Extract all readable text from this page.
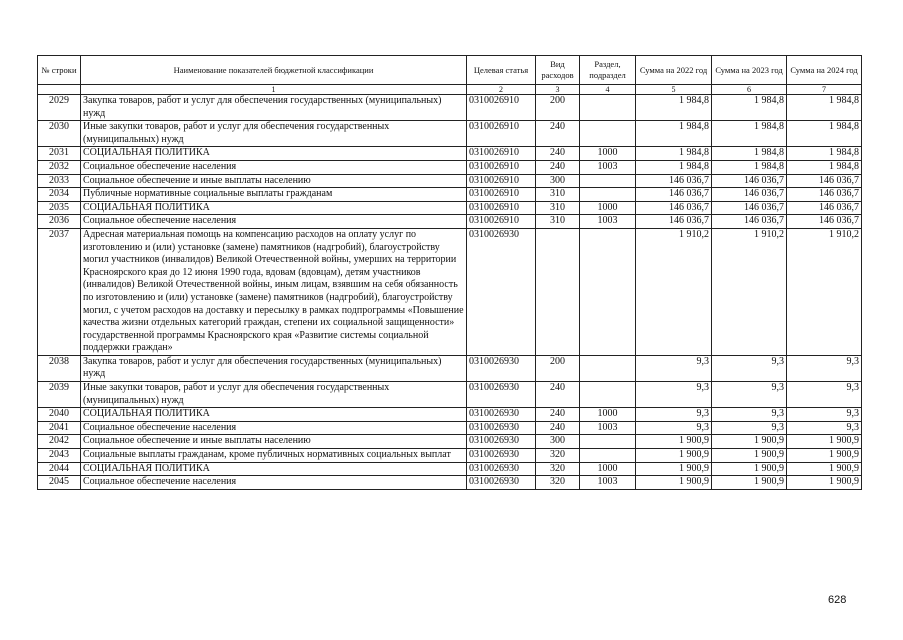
№ строки	Наименование показателей бюджетной классификации	Целевая статья	Вид расходов	Раздел, подраздел	Сумма на 2022 год	Сумма на 2023 год	Сумма на 2024 год
	1	2	3	4	5	6	7
2029	Закупка товаров, работ и услуг для обеспечения государственных (муниципальных) нужд	0310026910	200		1 984,8	1 984,8	1 984,8
2030	Иные закупки товаров, работ и услуг для обеспечения государственных (муниципальных) нужд	0310026910	240		1 984,8	1 984,8	1 984,8
2031	СОЦИАЛЬНАЯ ПОЛИТИКА	0310026910	240	1000	1 984,8	1 984,8	1 984,8
2032	Социальное обеспечение населения	0310026910	240	1003	1 984,8	1 984,8	1 984,8
2033	Социальное обеспечение и иные выплаты населению	0310026910	300		146 036,7	146 036,7	146 036,7
2034	Публичные нормативные социальные выплаты гражданам	0310026910	310		146 036,7	146 036,7	146 036,7
2035	СОЦИАЛЬНАЯ ПОЛИТИКА	0310026910	310	1000	146 036,7	146 036,7	146 036,7
2036	Социальное обеспечение населения	0310026910	310	1003	146 036,7	146 036,7	146 036,7
2037	Адресная материальная помощь на компенсацию расходов на оплату услуг по изготовлению и (или) установке (замене) памятников (надгробий), благоустройству могил участников (инвалидов) Великой Отечественной войны, умерших на территории Красноярского края до 12 июня 1990 года, вдовам (вдовцам), детям участников (инвалидов) Великой Отечественной войны, иным лицам, взявшим на себя обязанность по изготовлению и (или) установке (замене) памятников (надгробий), благоустройству могил, с учетом расходов на доставку и пересылку в рамках подпрограммы «Повышение качества жизни отдельных категорий граждан, степени их социальной защищенности» государственной программы Красноярского края «Развитие системы социальной поддержки граждан»	0310026930			1 910,2	1 910,2	1 910,2
2038	Закупка товаров, работ и услуг для обеспечения государственных (муниципальных) нужд	0310026930	200		9,3	9,3	9,3
2039	Иные закупки товаров, работ и услуг для обеспечения государственных (муниципальных) нужд	0310026930	240		9,3	9,3	9,3
2040	СОЦИАЛЬНАЯ ПОЛИТИКА	0310026930	240	1000	9,3	9,3	9,3
2041	Социальное обеспечение населения	0310026930	240	1003	9,3	9,3	9,3
2042	Социальное обеспечение и иные выплаты населению	0310026930	300		1 900,9	1 900,9	1 900,9
2043	Социальные выплаты гражданам, кроме публичных нормативных социальных выплат	0310026930	320		1 900,9	1 900,9	1 900,9
2044	СОЦИАЛЬНАЯ ПОЛИТИКА	0310026930	320	1000	1 900,9	1 900,9	1 900,9
2045	Социальное обеспечение населения	0310026930	320	1003	1 900,9	1 900,9	1 900,9
628
